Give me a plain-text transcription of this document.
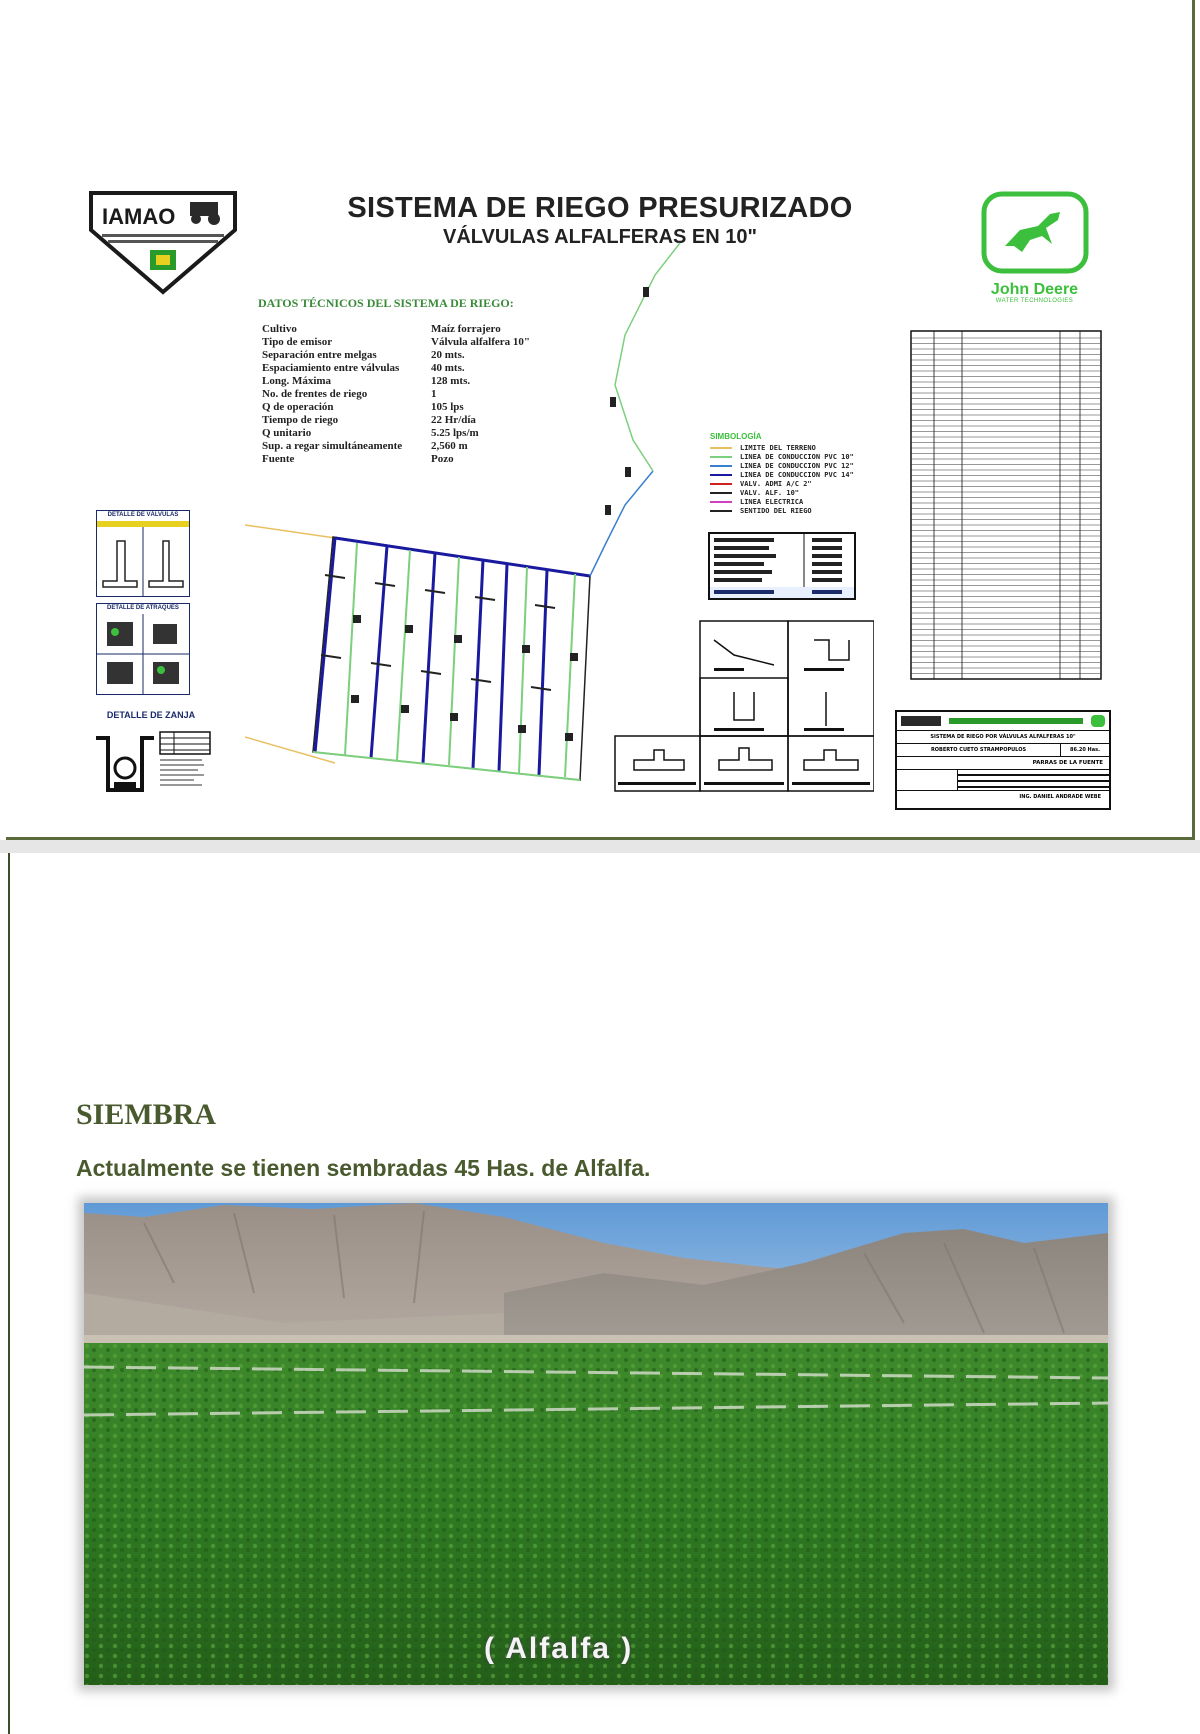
SISTEMA DE RIEGO PRESURIZADO
VÁLVULAS ALFALFERAS EN 10"
IAMAO
John Deere
WATER TECHNOLOGIES
DATOS TÉCNICOS DEL SISTEMA DE RIEGO:
Cultivo	Maíz forrajero
Tipo de emisor	Válvula alfalfera 10"
Separación entre melgas	20 mts.
Espaciamiento entre válvulas	40 mts.
Long. Máxima	128 mts.
No. de frentes de riego	1
Q de operación	105 lps
Tiempo de riego	22 Hr/día
Q unitario	5.25 lps/m
Sup. a regar simultáneamente	2,560 m
Fuente	Pozo
DETALLE DE VÁLVULAS
DETALLE DE ATRAQUES
DETALLE DE ZANJA
SIMBOLOGÍA
LIMITE DEL TERRENO
LINEA DE CONDUCCION PVC 10"
LINEA DE CONDUCCION PVC 12"
LINEA DE CONDUCCION PVC 14"
VALV. ADMI A/C 2"
VALV. ALF. 10"
LINEA ELECTRICA
SENTIDO DEL RIEGO
SISTEMA DE RIEGO POR VÁLVULAS ALFALFERAS 10"
ROBERTO CUETO STRAMPOPULOS	86.20 Has.
PARRAS DE LA FUENTE
ING. DANIEL ANDRADE WEBE
SIEMBRA
Actualmente se tienen sembradas 45 Has. de Alfalfa.
( Alfalfa )
